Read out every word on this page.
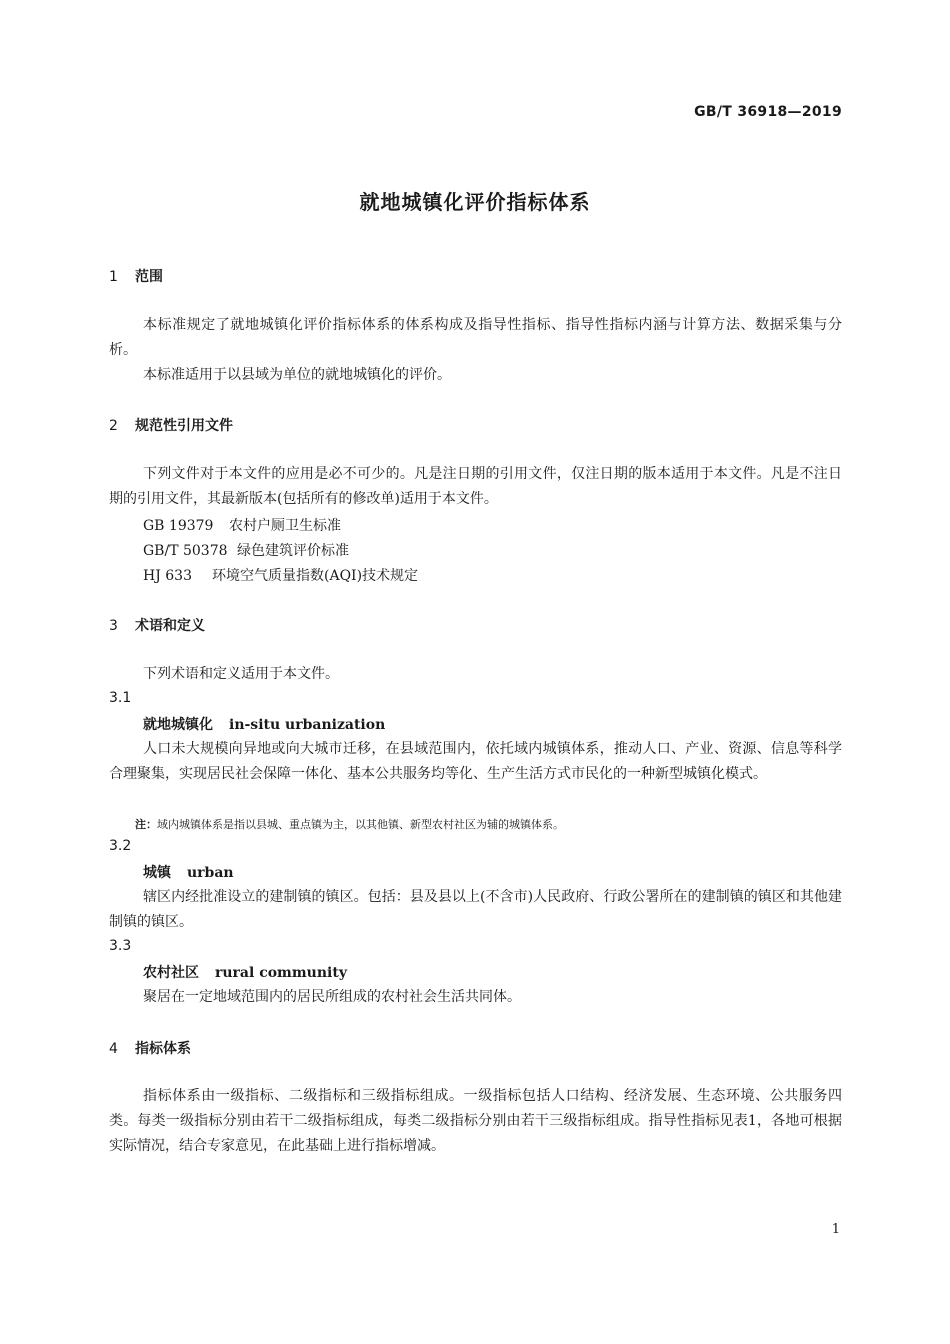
GB/T 36918—2019
就地城镇化评价指标体系
1 范围
本标准规定了就地城镇化评价指标体系的体系构成及指导性指标、指导性指标内涵与计算方法、数据采集与分析。
本标准适用于以县域为单位的就地城镇化的评价。
2 规范性引用文件
下列文件对于本文件的应用是必不可少的。凡是注日期的引用文件，仅注日期的版本适用于本文件。凡是不注日期的引用文件，其最新版本(包括所有的修改单)适用于本文件。
GB 19379 农村户厕卫生标准
GB/T 50378 绿色建筑评价标准
HJ 633 环境空气质量指数(AQI)技术规定
3 术语和定义
下列术语和定义适用于本文件。
3.1
就地城镇化 in-situ urbanization
人口未大规模向异地或向大城市迁移，在县域范围内，依托域内城镇体系，推动人口、产业、资源、信息等科学合理聚集，实现居民社会保障一体化、基本公共服务均等化、生产生活方式市民化的一种新型城镇化模式。
注：域内城镇体系是指以县城、重点镇为主，以其他镇、新型农村社区为辅的城镇体系。
3.2
城镇 urban
辖区内经批准设立的建制镇的镇区。包括：县及县以上(不含市)人民政府、行政公署所在的建制镇的镇区和其他建制镇的镇区。
3.3
农村社区 rural community
聚居在一定地域范围内的居民所组成的农村社会生活共同体。
4 指标体系
指标体系由一级指标、二级指标和三级指标组成。一级指标包括人口结构、经济发展、生态环境、公共服务四类。每类一级指标分别由若干二级指标组成，每类二级指标分别由若干三级指标组成。指导性指标见表1，各地可根据实际情况，结合专家意见，在此基础上进行指标增减。
1
